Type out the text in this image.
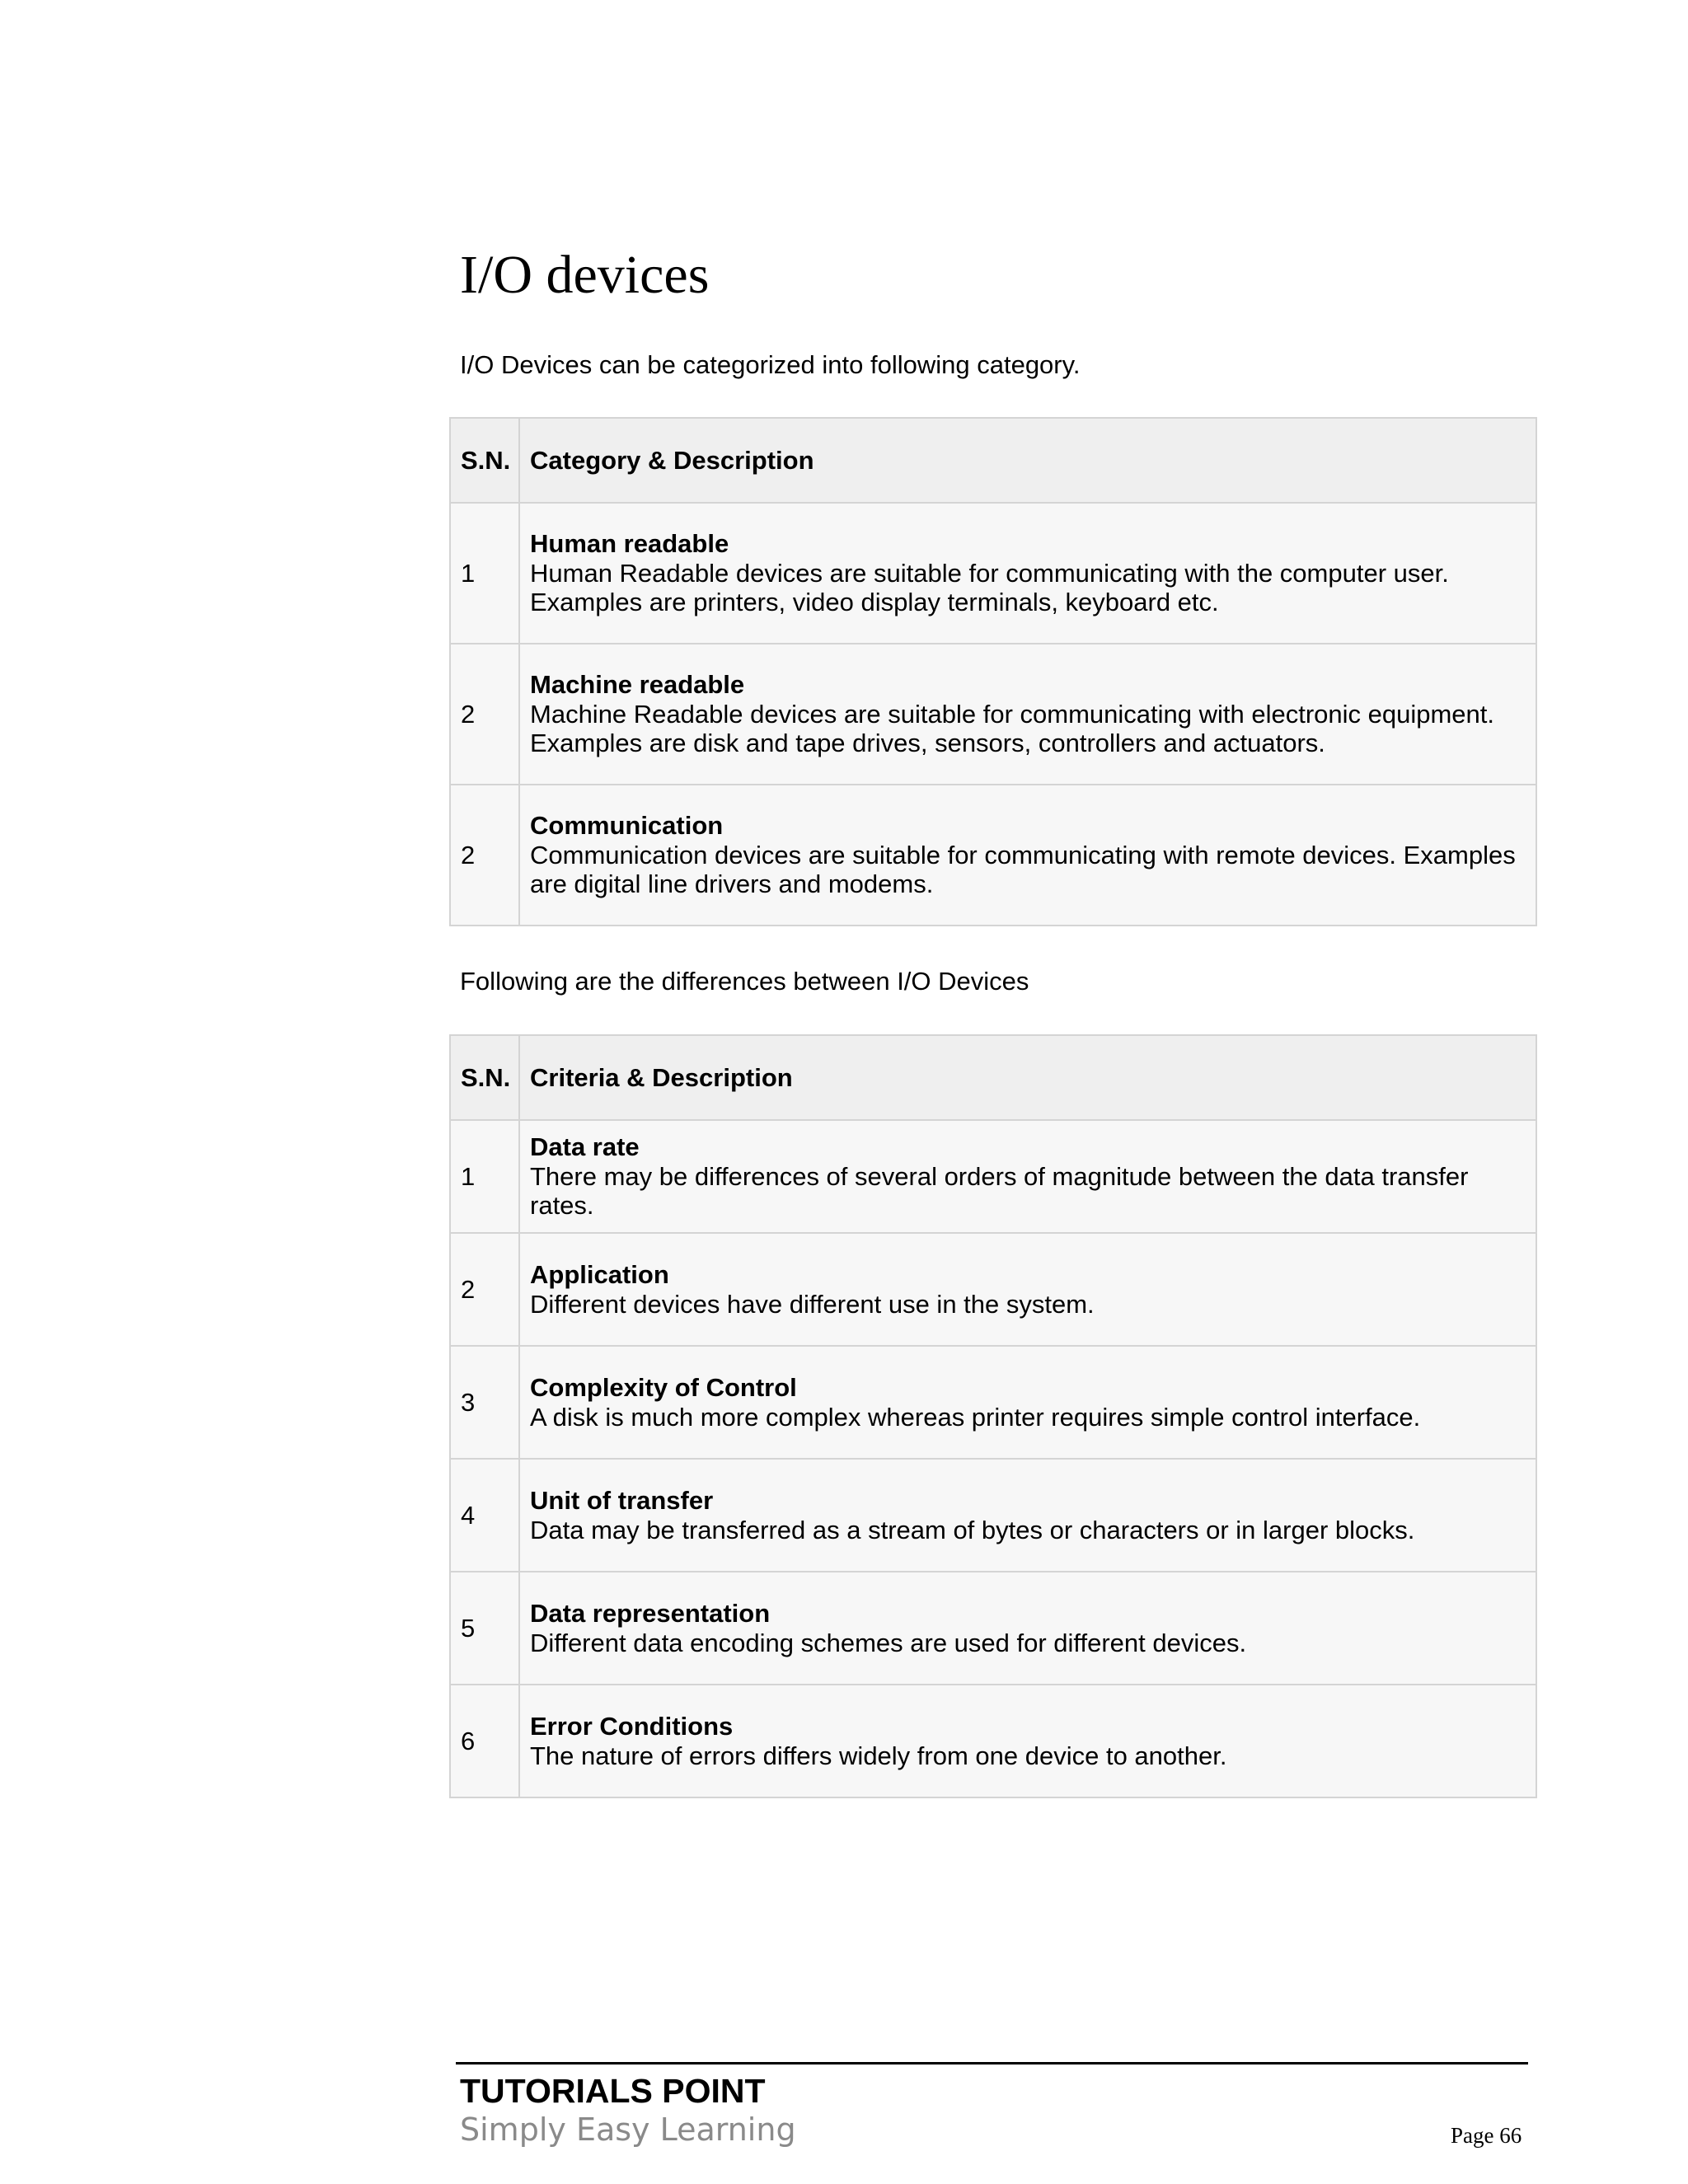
I/O devices
I/O Devices can be categorized into following category.
S.N.	Category & Description
1	Human readable
Human Readable devices are suitable for communicating with the computer user. Examples are printers, video display terminals, keyboard etc.

2	Machine readable
Machine Readable devices are suitable for communicating with electronic equipment. Examples are disk and tape drives, sensors, controllers and actuators.

2	Communication
Communication devices are suitable for communicating with remote devices. Examples are digital line drivers and modems.
Following are the differences between I/O Devices
S.N.	Criteria & Description
1	Data rate
There may be differences of several orders of magnitude between the data transfer rates.

2	Application
Different devices have different use in the system.

3	Complexity of Control
A disk is much more complex whereas printer requires simple control interface.

4	Unit of transfer
Data may be transferred as a stream of bytes or characters or in larger blocks.

5	Data representation
Different data encoding schemes are used for different devices.

6	Error Conditions
The nature of errors differs widely from one device to another.
TUTORIALS POINT
Simply Easy Learning	Page 66
